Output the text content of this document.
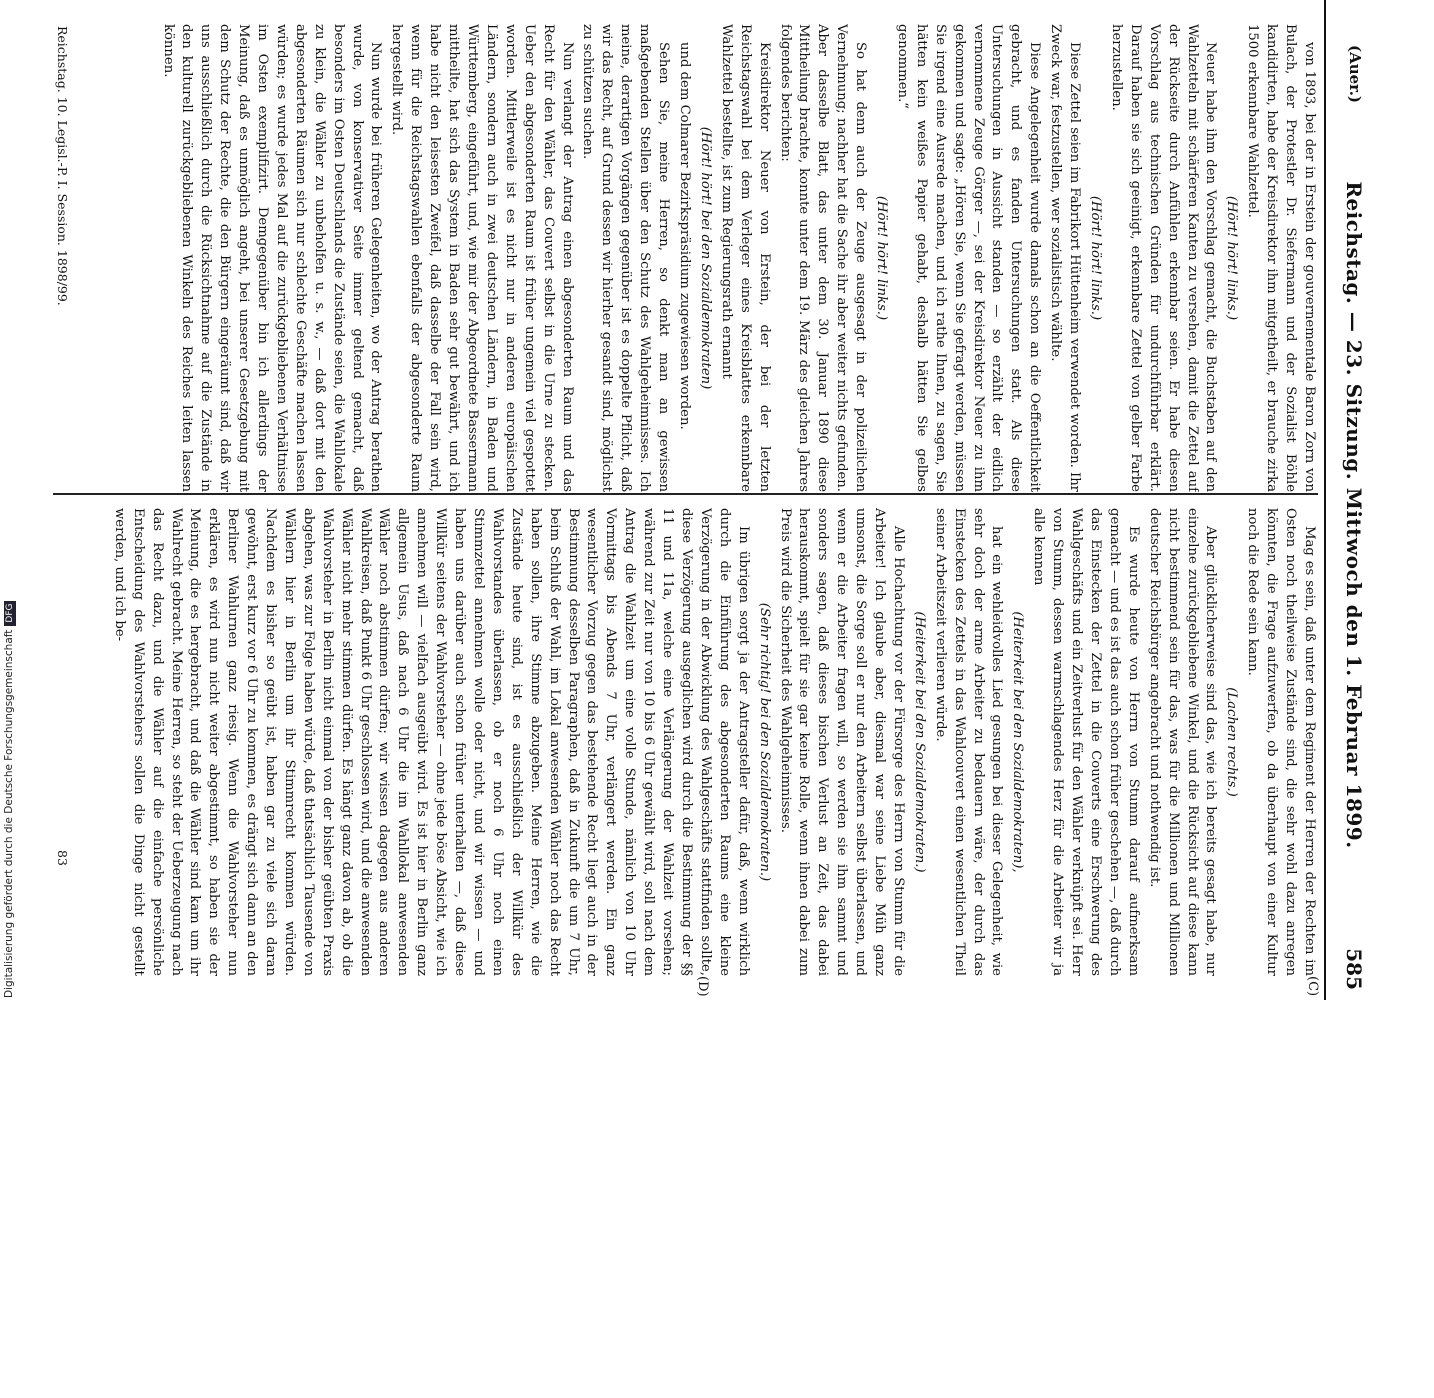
(Auer.)
Reichstag. — 23. Sitzung. Mittwoch den 1. Februar 1899.
585
(C)
(D)

von 1893, bei der in Erstein der gouvernementale Baron Zorn von Bulach, der Protestler Dr. Siefermann und der Sozialist Böhle kandidirten, habe der Kreisdirektor ihm mitgetheilt, er brauche zirka 1500 erkennbare Wahlzettel.

(Hört! hört! links.)

Neuer habe ihm den Vorschlag gemacht, die Buchstaben auf den Wahlzetteln mit schärferen Kanten zu versehen, damit die Zettel auf der Rückseite durch Anfühlen erkennbar seien. Er habe diesen Vorschlag aus technischen Gründen für undurchführbar erklärt. Darauf haben sie sich geeinigt, erkennbare Zettel von gelber Farbe herzustellen.

(Hört! hört! links.)

Diese Zettel seien im Fabrikort Hüttenheim verwendet worden. Ihr Zweck war, festzustellen, wer sozialistisch wählte.

Diese Angelegenheit wurde damals schon an die Oeffentlichkeit gebracht, und es fanden Untersuchungen statt. Als diese Untersuchungen in Aussicht standen — so erzählt der eidlich vernommene Zeuge Görger —, sei der Kreisdirektor Neuer zu ihm gekommen und sagte: „Hören Sie, wenn Sie gefragt werden, müssen Sie irgend eine Ausrede machen, und ich rathe Ihnen, zu sagen, Sie hätten kein weißes Papier gehabt, deshalb hätten Sie gelbes genommen.“

(Hört! hört! links.)

So hat denn auch der Zeuge ausgesagt in der polizeilichen Vernehmung; nachher hat die Sache ihr aber weiter nichts gefunden. Aber dasselbe Blatt, das unter dem 30. Januar 1890 diese Mittheilung brachte, konnte unter dem 19. März des gleichen Jahres folgendes berichten:

Kreisdirektor Neuer von Erstein, der bei der letzten Reichstagswahl bei dem Verleger eines Kreisblattes erkennbare Wahlzettel bestellte, ist zum Regierungsrath ernannt

(Hört! hört! bei den Sozialdemokraten)

und dem Colmarer Bezirkspräsidium zugewiesen worden.

Sehen Sie, meine Herren, so denkt man an gewissen maßgebenden Stellen über den Schutz des Wahlgeheimnisses. Ich meine, derartigen Vorgängen gegenüber ist es doppelte Pflicht, daß wir das Recht, auf Grund dessen wir hierher gesandt sind, möglichst zu schützen suchen.

Nun verlangt der Antrag einen abgesonderten Raum und das Recht für den Wähler, das Couvert selbst in die Urne zu stecken. Ueber den abgesonderten Raum ist früher ungemein viel gespottet worden. Mittlerweile ist es nicht nur in anderen europäischen Ländern, sondern auch in zwei deutschen Ländern, in Baden und Württemberg, eingeführt, und, wie mir der Abgeordnete Bassermann mittheilte, hat sich das System in Baden sehr gut bewährt, und ich habe nicht den leisesten Zweifel, daß dasselbe der Fall sein wird, wenn für die Reichstagswahlen ebenfalls der abgesonderte Raum hergestellt wird.

Nun wurde bei früheren Gelegenheiten, wo der Antrag berathen wurde, von konservativer Seite immer geltend gemacht, daß besonders im Osten Deutschlands die Zustände seien, die Wahllokale zu klein, die Wähler zu unbeholfen u. s. w., — daß dort mit den abgesonderten Räumen sich nur schlechte Geschäfte machen lassen würden; es wurde jedes Mal auf die zurückgebliebenen Verhältnisse im Osten exemplifizirt. Demgegenüber bin ich allerdings der Meinung, daß es unmöglich angeht, bei unserer Gesetzgebung mit dem Schutz der Rechte, die den Bürgern eingeräumt sind, daß wir uns ausschließlich durch die Rücksichtnahme auf die Zustände in den kulturell zurückgebliebenen Winkeln des Reiches leiten lassen können.

Mag es sein, daß unter dem Regiment der Herren der Rechten im Osten noch theilweise Zustände sind, die sehr wohl dazu anregen könnten, die Frage aufzuwerfen, ob da überhaupt von einer Kultur noch die Rede sein kann.

(Lachen rechts.)

Aber glücklicherweise sind das, wie ich bereits gesagt habe, nur einzelne zurückgebliebene Winkel, und die Rücksicht auf diese kann nicht bestimmend sein für das, was für die Millionen und Millionen deutscher Reichsbürger angebracht und nothwendig ist.

Es wurde heute von Herrn von Stumm darauf aufmerksam gemacht — und es ist das auch schon früher geschehen —, daß durch das Einstecken der Zettel in die Couverts eine Erschwerung des Wahlgeschäfts und ein Zeitverlust für den Wähler verknüpft sei. Herr von Stumm, dessen warmschlagendes Herz für die Arbeiter wir ja alle kennen

(Heiterkeit bei den Sozialdemokraten),

hat ein wehleidvolles Lied gesungen bei dieser Gelegenheit, wie sehr doch der arme Arbeiter zu bedauern wäre, der durch das Einstecken des Zettels in das Wahlcouvert einen wesentlichen Theil seiner Arbeitszeit verlieren würde.

(Heiterkeit bei den Sozialdemokraten.)

Alle Hochachtung vor der Fürsorge des Herrn von Stumm für die Arbeiter! Ich glaube aber, diesmal war seine Liebe Müh ganz umsonst, die Sorge soll er nur den Arbeitern selbst überlassen, und wenn er die Arbeiter fragen will, so werden sie ihm sammt und sonders sagen, daß dieses bischen Verlust an Zeit, das dabei herauskommt, spielt für sie gar keine Rolle, wenn ihnen dabei zum Preis wird die Sicherheit des Wahlgeheimnisses.

(Sehr richtig! bei den Sozialdemokraten.)

Im übrigen sorgt ja der Antragsteller dafür, daß, wenn wirklich durch die Einführung des abgesonderten Raums eine kleine Verzögerung in der Abwicklung des Wahlgeschäfts stattfinden sollte, diese Verzögerung ausgeglichen wird durch die Bestimmung der §§ 11 und 11a, welche eine Verlängerung der Wahlzeit vorsehen; während zur Zeit nur von 10 bis 6 Uhr gewählt wird, soll nach dem Antrag die Wahlzeit um eine volle Stunde, nämlich von 10 Uhr Vormittags bis Abends 7 Uhr, verlängert werden. Ein ganz wesentlicher Vorzug gegen das bestehende Recht liegt auch in der Bestimmung desselben Paragraphen, daß in Zukunft die um 7 Uhr, beim Schluß der Wahl, im Lokal anwesenden Wähler noch das Recht haben sollen, ihre Stimme abzugeben. Meine Herren, wie die Zustände heute sind, ist es ausschließlich der Willkür des Wahlvorstandes überlassen, ob er noch 6 Uhr noch einen Stimmzettel annehmen wolle oder nicht, und wir wissen — und haben uns darüber auch schon früher unterhalten —, daß diese Willkür seitens der Wahlvorsteher — ohne jede böse Absicht, wie ich annehmen will — vielfach ausgeübt wird. Es ist hier in Berlin ganz allgemein Usus, daß nach 6 Uhr die im Wahllokal anwesenden Wähler noch abstimmen dürfen; wir wissen dagegen aus anderen Wahlkreisen, daß Punkt 6 Uhr geschlossen wird, und die anwesenden Wähler nicht mehr stimmen dürfen. Es hängt ganz davon ab, ob die Wahlvorsteher in Berlin nicht einmal von der bisher geübten Praxis abgehen, was zur Folge haben würde, daß thatsächlich Tausende von Wählern hier in Berlin um ihr Stimmrecht kommen würden. Nachdem es bisher so geübt ist, haben gar zu viele sich daran gewöhnt, erst kurz vor 6 Uhr zu kommen, es drängt sich dann an den Berliner Wahlurnen ganz riesig. Wenn die Wahlvorsteher nun erklären, es wird nun nicht weiter abgestimmt, so haben sie der Meinung, die es hergebracht, und daß die Wähler sind kam um ihr Wahlrecht gebracht. Meine Herren, so steht der Ueberzeugung nach das Recht dazu, und die Wähler auf die einfache persönliche Entscheidung des Wahlvorstehers sollen die Dinge nicht gestellt werden, und ich be-

Reichstag. 10. Legisl.-P. I. Session. 1898/99.
83
Digitalisierung gefördert durch die Deutsche ForschungsgemeinschaftDFG
